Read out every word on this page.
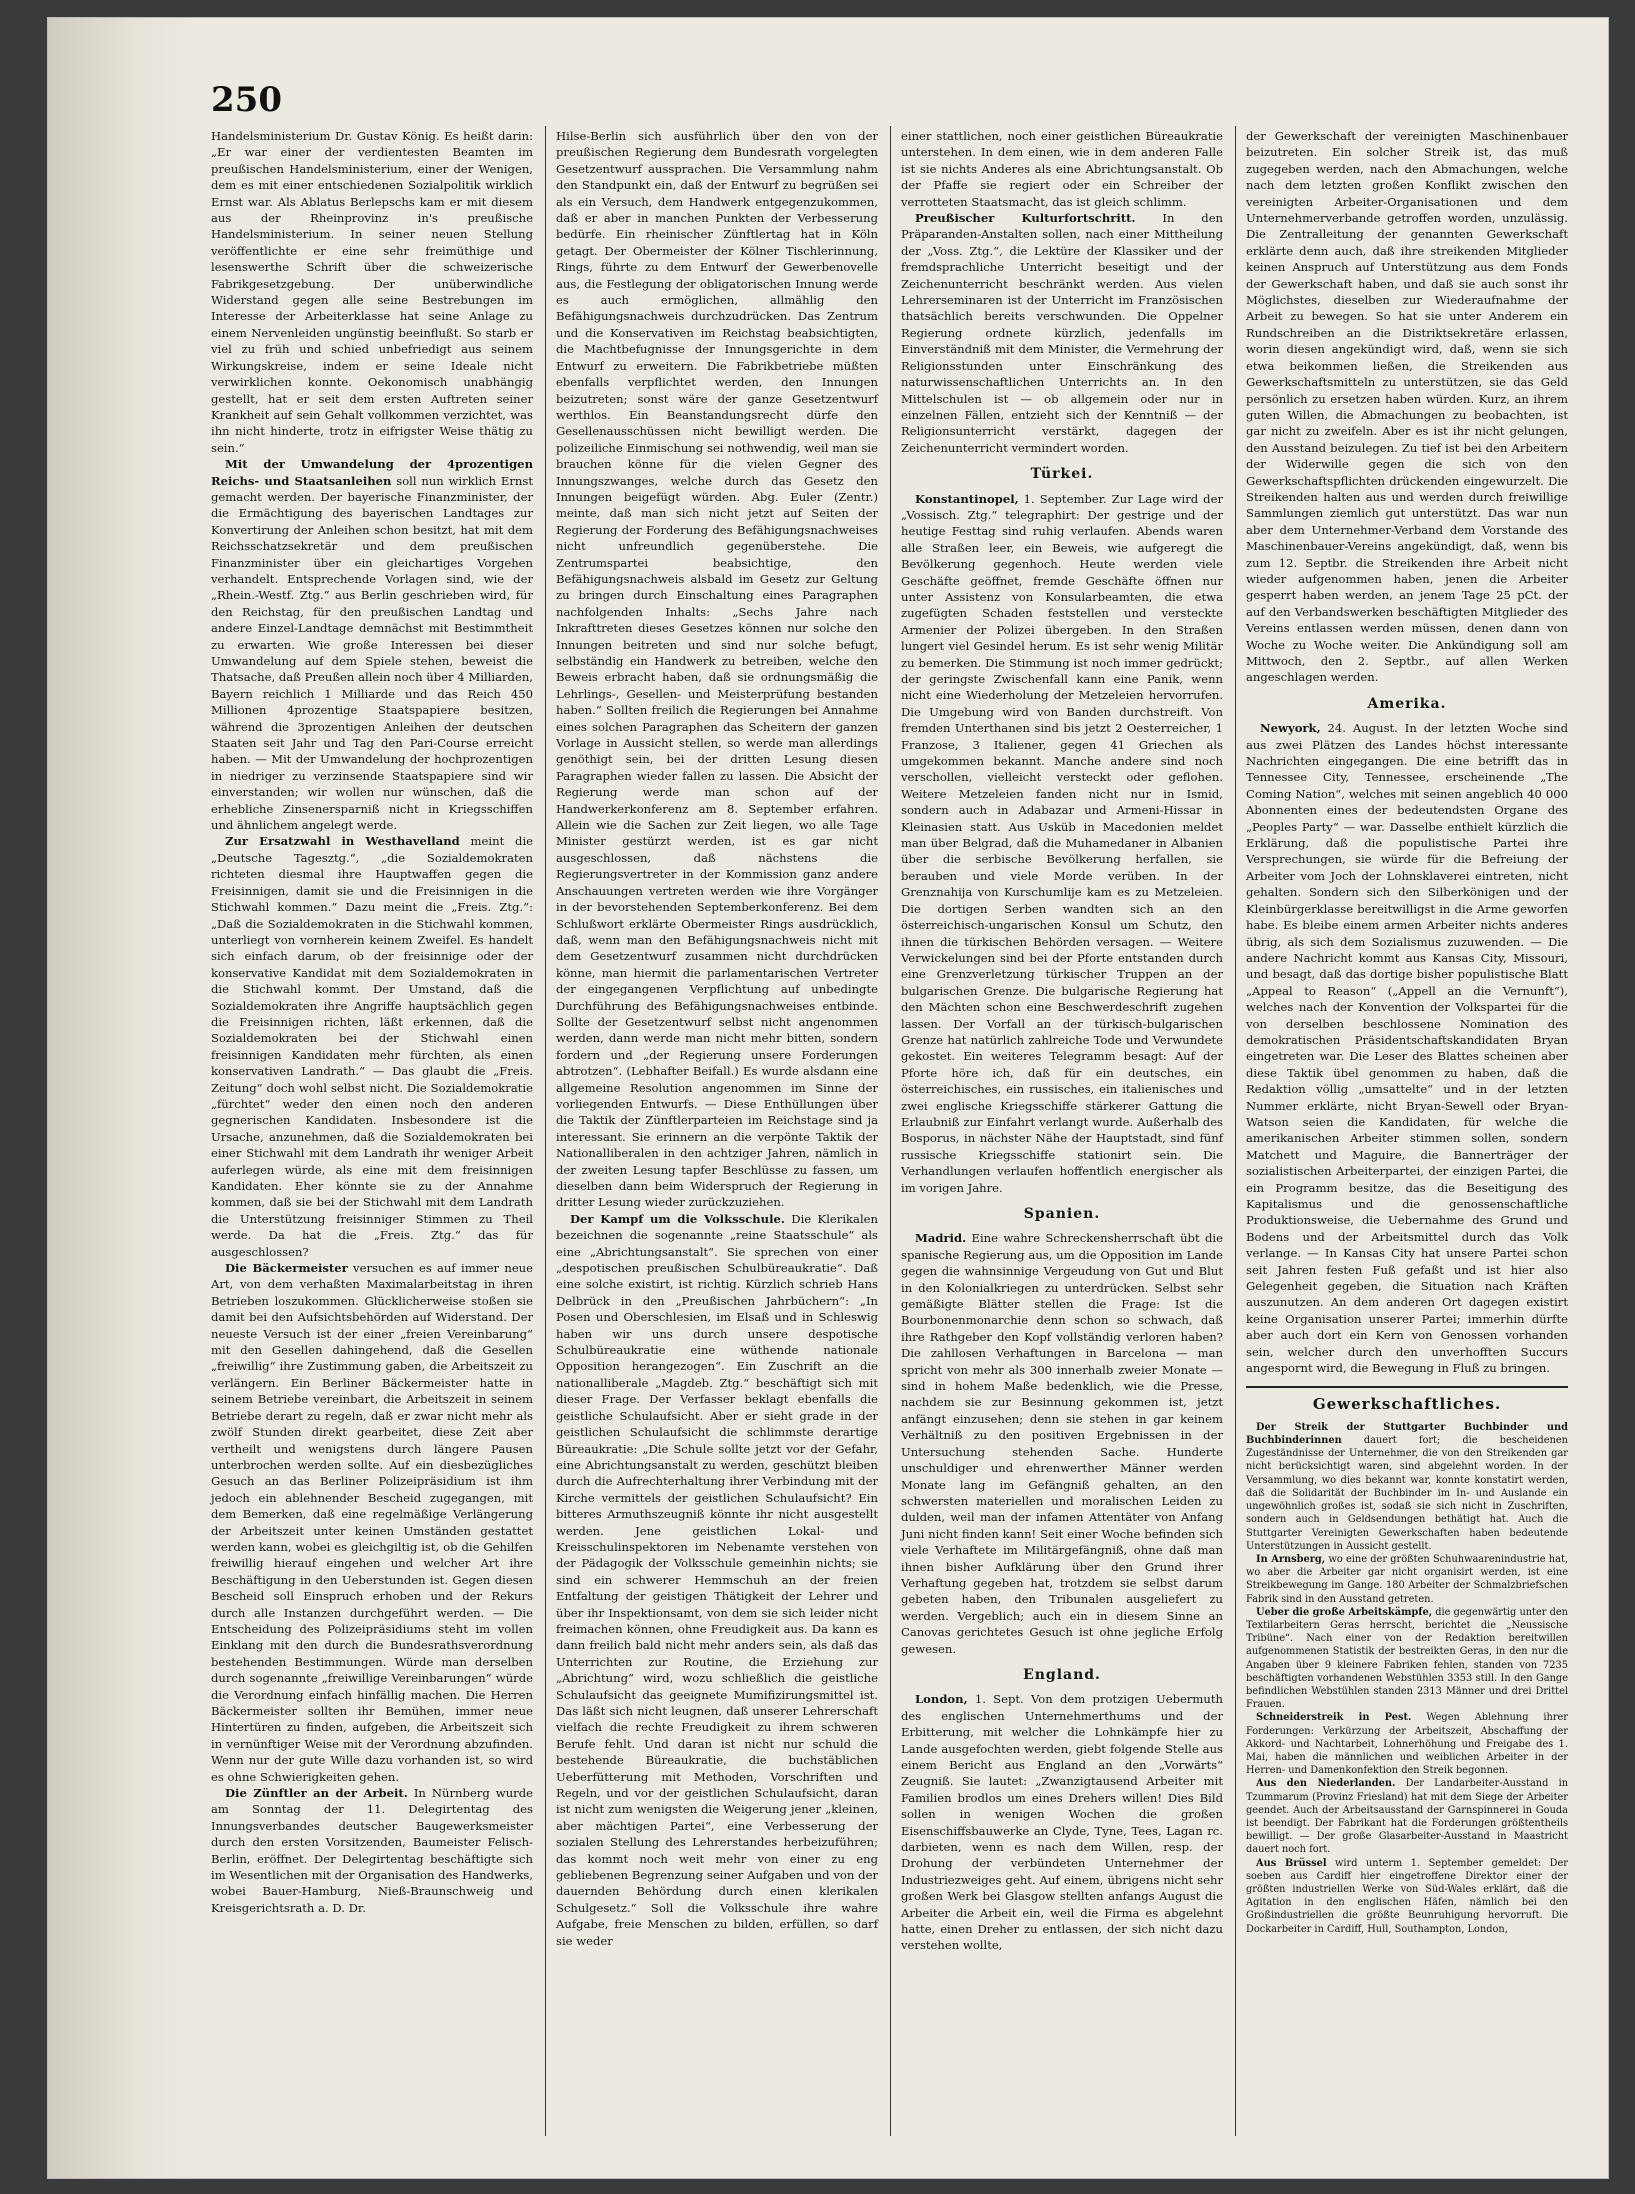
250

Handelsministerium Dr. Gustav König. Es heißt darin: „Er war einer der verdientesten Beamten im preußischen Handelsministerium, einer der Wenigen, dem es mit einer entschiedenen Sozialpolitik wirklich Ernst war. Als Ablatus Berlepschs kam er mit diesem aus der Rheinprovinz in's preußische Handelsministerium. In seiner neuen Stellung veröffentlichte er eine sehr freimüthige und lesenswerthe Schrift über die schweizerische Fabrikgesetzgebung. Der unüberwindliche Widerstand gegen alle seine Bestrebungen im Interesse der Arbeiterklasse hat seine Anlage zu einem Nervenleiden ungünstig beeinflußt. So starb er viel zu früh und schied unbefriedigt aus seinem Wirkungskreise, indem er seine Ideale nicht verwirklichen konnte. Oekonomisch unabhängig gestellt, hat er seit dem ersten Auftreten seiner Krankheit auf sein Gehalt vollkommen verzichtet, was ihn nicht hinderte, trotz in eifrigster Weise thätig zu sein.“

Mit der Umwandelung der 4prozentigen Reichs- und Staatsanleihen soll nun wirklich Ernst gemacht werden. Der bayerische Finanzminister, der die Ermächtigung des bayerischen Landtages zur Konvertirung der Anleihen schon besitzt, hat mit dem Reichsschatzsekretär und dem preußischen Finanzminister über ein gleichartiges Vorgehen verhandelt. Entsprechende Vorlagen sind, wie der „Rhein.-Westf. Ztg.“ aus Berlin geschrieben wird, für den Reichstag, für den preußischen Landtag und andere Einzel-Landtage demnächst mit Bestimmtheit zu erwarten. Wie große Interessen bei dieser Umwandelung auf dem Spiele stehen, beweist die Thatsache, daß Preußen allein noch über 4 Milliarden, Bayern reichlich 1 Milliarde und das Reich 450 Millionen 4prozentige Staatspapiere besitzen, während die 3prozentigen Anleihen der deutschen Staaten seit Jahr und Tag den Pari-Course erreicht haben. — Mit der Umwandelung der hochprozentigen in niedriger zu verzinsende Staatspapiere sind wir einverstanden; wir wollen nur wünschen, daß die erhebliche Zinsenersparniß nicht in Kriegsschiffen und ähnlichem angelegt werde.

Zur Ersatzwahl in Westhavelland meint die „Deutsche Tagesztg.“, „die Sozialdemokraten richteten diesmal ihre Hauptwaffen gegen die Freisinnigen, damit sie und die Freisinnigen in die Stichwahl kommen.“ Dazu meint die „Freis. Ztg.“: „Daß die Sozialdemokraten in die Stichwahl kommen, unterliegt von vornherein keinem Zweifel. Es handelt sich einfach darum, ob der freisinnige oder der konservative Kandidat mit dem Sozialdemokraten in die Stichwahl kommt. Der Umstand, daß die Sozialdemokraten ihre Angriffe hauptsächlich gegen die Freisinnigen richten, läßt erkennen, daß die Sozialdemokraten bei der Stichwahl einen freisinnigen Kandidaten mehr fürchten, als einen konservativen Landrath.“ — Das glaubt die „Freis. Zeitung“ doch wohl selbst nicht. Die Sozialdemokratie „fürchtet“ weder den einen noch den anderen gegnerischen Kandidaten. Insbesondere ist die Ursache, anzunehmen, daß die Sozialdemokraten bei einer Stichwahl mit dem Landrath ihr weniger Arbeit auferlegen würde, als eine mit dem freisinnigen Kandidaten. Eher könnte sie zu der Annahme kommen, daß sie bei der Stichwahl mit dem Landrath die Unterstützung freisinniger Stimmen zu Theil werde. Da hat die „Freis. Ztg.“ das für ausgeschlossen?

Die Bäckermeister versuchen es auf immer neue Art, von dem verhaßten Maximalarbeitstag in ihren Betrieben loszukommen. Glücklicherweise stoßen sie damit bei den Aufsichtsbehörden auf Widerstand. Der neueste Versuch ist der einer „freien Vereinbarung“ mit den Gesellen dahingehend, daß die Gesellen „freiwillig“ ihre Zustimmung gaben, die Arbeitszeit zu verlängern. Ein Berliner Bäckermeister hatte in seinem Betriebe vereinbart, die Arbeitszeit in seinem Betriebe derart zu regeln, daß er zwar nicht mehr als zwölf Stunden direkt gearbeitet, diese Zeit aber vertheilt und wenigstens durch längere Pausen unterbrochen werden sollte. Auf ein diesbezügliches Gesuch an das Berliner Polizeipräsidium ist ihm jedoch ein ablehnender Bescheid zugegangen, mit dem Bemerken, daß eine regelmäßige Verlängerung der Arbeitszeit unter keinen Umständen gestattet werden kann, wobei es gleichgiltig ist, ob die Gehilfen freiwillig hierauf eingehen und welcher Art ihre Beschäftigung in den Ueberstunden ist. Gegen diesen Bescheid soll Einspruch erhoben und der Rekurs durch alle Instanzen durchgeführt werden. — Die Entscheidung des Polizeipräsidiums steht im vollen Einklang mit den durch die Bundesrathsverordnung bestehenden Bestimmungen. Würde man derselben durch sogenannte „freiwillige Vereinbarungen“ würde die Verordnung einfach hinfällig machen. Die Herren Bäckermeister sollten ihr Bemühen, immer neue Hintertüren zu finden, aufgeben, die Arbeitszeit sich in vernünftiger Weise mit der Verordnung abzufinden. Wenn nur der gute Wille dazu vorhanden ist, so wird es ohne Schwierigkeiten gehen.

Die Zünftler an der Arbeit. In Nürnberg wurde am Sonntag der 11. Delegirtentag des Innungsverbandes deutscher Baugewerksmeister durch den ersten Vorsitzenden, Baumeister Felisch-Berlin, eröffnet. Der Delegirtentag beschäftigte sich im Wesentlichen mit der Organisation des Handwerks, wobei Bauer-Hamburg, Nieß-Braunschweig und Kreisgerichtsrath a. D. Dr.

Hilse-Berlin sich ausführlich über den von der preußischen Regierung dem Bundesrath vorgelegten Gesetzentwurf aussprachen. Die Versammlung nahm den Standpunkt ein, daß der Entwurf zu begrüßen sei als ein Versuch, dem Handwerk entgegenzukommen, daß er aber in manchen Punkten der Verbesserung bedürfe. Ein rheinischer Zünftlertag hat in Köln getagt. Der Obermeister der Kölner Tischlerinnung, Rings, führte zu dem Entwurf der Gewerbenovelle aus, die Festlegung der obligatorischen Innung werde es auch ermöglichen, allmählig den Befähigungsnachweis durchzudrücken. Das Zentrum und die Konservativen im Reichstag beabsichtigten, die Machtbefugnisse der Innungsgerichte in dem Entwurf zu erweitern. Die Fabrikbetriebe müßten ebenfalls verpflichtet werden, den Innungen beizutreten; sonst wäre der ganze Gesetzentwurf werthlos. Ein Beanstandungsrecht dürfe den Gesellenausschüssen nicht bewilligt werden. Die polizeiliche Einmischung sei nothwendig, weil man sie brauchen könne für die vielen Gegner des Innungszwanges, welche durch das Gesetz den Innungen beigefügt würden. Abg. Euler (Zentr.) meinte, daß man sich nicht jetzt auf Seiten der Regierung der Forderung des Befähigungsnachweises nicht unfreundlich gegenüberstehe. Die Zentrumspartei beabsichtige, den Befähigungsnachweis alsbald im Gesetz zur Geltung zu bringen durch Einschaltung eines Paragraphen nachfolgenden Inhalts: „Sechs Jahre nach Inkrafttreten dieses Gesetzes können nur solche den Innungen beitreten und sind nur solche befugt, selbständig ein Handwerk zu betreiben, welche den Beweis erbracht haben, daß sie ordnungsmäßig die Lehrlings-, Gesellen- und Meisterprüfung bestanden haben.“ Sollten freilich die Regierungen bei Annahme eines solchen Paragraphen das Scheitern der ganzen Vorlage in Aussicht stellen, so werde man allerdings genöthigt sein, bei der dritten Lesung diesen Paragraphen wieder fallen zu lassen. Die Absicht der Regierung werde man schon auf der Handwerkerkonferenz am 8. September erfahren. Allein wie die Sachen zur Zeit liegen, wo alle Tage Minister gestürzt werden, ist es gar nicht ausgeschlossen, daß nächstens die Regierungsvertreter in der Kommission ganz andere Anschauungen vertreten werden wie ihre Vorgänger in der bevorstehenden Septemberkonferenz. Bei dem Schlußwort erklärte Obermeister Rings ausdrücklich, daß, wenn man den Befähigungsnachweis nicht mit dem Gesetzentwurf zusammen nicht durchdrücken könne, man hiermit die parlamentarischen Vertreter der eingegangenen Verpflichtung auf unbedingte Durchführung des Befähigungsnachweises entbinde. Sollte der Gesetzentwurf selbst nicht angenommen werden, dann werde man nicht mehr bitten, sondern fordern und „der Regierung unsere Forderungen abtrotzen“. (Lebhafter Beifall.) Es wurde alsdann eine allgemeine Resolution angenommen im Sinne der vorliegenden Entwurfs. — Diese Enthüllungen über die Taktik der Zünftlerparteien im Reichstage sind ja interessant. Sie erinnern an die verpönte Taktik der Nationalliberalen in den achtziger Jahren, nämlich in der zweiten Lesung tapfer Beschlüsse zu fassen, um dieselben dann beim Widerspruch der Regierung in dritter Lesung wieder zurückzuziehen.

Der Kampf um die Volksschule. Die Klerikalen bezeichnen die sogenannte „reine Staatsschule“ als eine „Abrichtungsanstalt“. Sie sprechen von einer „despotischen preußischen Schulbüreaukratie“. Daß eine solche existirt, ist richtig. Kürzlich schrieb Hans Delbrück in den „Preußischen Jahrbüchern“: „In Posen und Oberschlesien, im Elsaß und in Schleswig haben wir uns durch unsere despotische Schulbüreaukratie eine wüthende nationale Opposition herangezogen“. Ein Zuschrift an die nationalliberale „Magdeb. Ztg.“ beschäftigt sich mit dieser Frage. Der Verfasser beklagt ebenfalls die geistliche Schulaufsicht. Aber er sieht grade in der geistlichen Schulaufsicht die schlimmste derartige Büreaukratie: „Die Schule sollte jetzt vor der Gefahr, eine Abrichtungsanstalt zu werden, geschützt bleiben durch die Aufrechterhaltung ihrer Verbindung mit der Kirche vermittels der geistlichen Schulaufsicht? Ein bitteres Armuthszeugniß könnte ihr nicht ausgestellt werden. Jene geistlichen Lokal- und Kreisschulinspektoren im Nebenamte verstehen von der Pädagogik der Volksschule gemeinhin nichts; sie sind ein schwerer Hemmschuh an der freien Entfaltung der geistigen Thätigkeit der Lehrer und über ihr Inspektionsamt, von dem sie sich leider nicht freimachen können, ohne Freudigkeit aus. Da kann es dann freilich bald nicht mehr anders sein, als daß das Unterrichten zur Routine, die Erziehung zur „Abrichtung“ wird, wozu schließlich die geistliche Schulaufsicht das geeignete Mumifizirungsmittel ist. Das läßt sich nicht leugnen, daß unserer Lehrerschaft vielfach die rechte Freudigkeit zu ihrem schweren Berufe fehlt. Und daran ist nicht nur schuld die bestehende Büreaukratie, die buchstäblichen Ueberfütterung mit Methoden, Vorschriften und Regeln, und vor der geistlichen Schulaufsicht, daran ist nicht zum wenigsten die Weigerung jener „kleinen, aber mächtigen Partei“, eine Verbesserung der sozialen Stellung des Lehrerstandes herbeizuführen; das kommt noch weit mehr von einer zu eng gebliebenen Begrenzung seiner Aufgaben und von der dauernden Behördung durch einen klerikalen Schulgesetz.“ Soll die Volksschule ihre wahre Aufgabe, freie Menschen zu bilden, erfüllen, so darf sie weder

einer stattlichen, noch einer geistlichen Büreaukratie unterstehen. In dem einen, wie in dem anderen Falle ist sie nichts Anderes als eine Abrichtungsanstalt. Ob der Pfaffe sie regiert oder ein Schreiber der verrotteten Staatsmacht, das ist gleich schlimm.

Preußischer Kulturfortschritt. In den Präparanden-Anstalten sollen, nach einer Mittheilung der „Voss. Ztg.“, die Lektüre der Klassiker und der fremdsprachliche Unterricht beseitigt und der Zeichenunterricht beschränkt werden. Aus vielen Lehrerseminaren ist der Unterricht im Französischen thatsächlich bereits verschwunden. Die Oppelner Regierung ordnete kürzlich, jedenfalls im Einverständniß mit dem Minister, die Vermehrung der Religionsstunden unter Einschränkung des naturwissenschaftlichen Unterrichts an. In den Mittelschulen ist — ob allgemein oder nur in einzelnen Fällen, entzieht sich der Kenntniß — der Religionsunterricht verstärkt, dagegen der Zeichenunterricht vermindert worden.

Türkei.

Konstantinopel, 1. September. Zur Lage wird der „Vossisch. Ztg.“ telegraphirt: Der gestrige und der heutige Festtag sind ruhig verlaufen. Abends waren alle Straßen leer, ein Beweis, wie aufgeregt die Bevölkerung gegenhoch. Heute werden viele Geschäfte geöffnet, fremde Geschäfte öffnen nur unter Assistenz von Konsularbeamten, die etwa zugefügten Schaden feststellen und versteckte Armenier der Polizei übergeben. In den Straßen lungert viel Gesindel herum. Es ist sehr wenig Militär zu bemerken. Die Stimmung ist noch immer gedrückt; der geringste Zwischenfall kann eine Panik, wenn nicht eine Wiederholung der Metzeleien hervorrufen. Die Umgebung wird von Banden durchstreift. Von fremden Unterthanen sind bis jetzt 2 Oesterreicher, 1 Franzose, 3 Italiener, gegen 41 Griechen als umgekommen bekannt. Manche andere sind noch verschollen, vielleicht versteckt oder geflohen. Weitere Metzeleien fanden nicht nur in Ismid, sondern auch in Adabazar und Armeni-Hissar in Kleinasien statt. Aus Usküb in Macedonien meldet man über Belgrad, daß die Muhamedaner in Albanien über die serbische Bevölkerung herfallen, sie berauben und viele Morde verüben. In der Grenznahija von Kurschumlije kam es zu Metzeleien. Die dortigen Serben wandten sich an den österreichisch-ungarischen Konsul um Schutz, den ihnen die türkischen Behörden versagen. — Weitere Verwickelungen sind bei der Pforte entstanden durch eine Grenzverletzung türkischer Truppen an der bulgarischen Grenze. Die bulgarische Regierung hat den Mächten schon eine Beschwerdeschrift zugehen lassen. Der Vorfall an der türkisch-bulgarischen Grenze hat natürlich zahlreiche Tode und Verwundete gekostet. Ein weiteres Telegramm besagt: Auf der Pforte höre ich, daß für ein deutsches, ein österreichisches, ein russisches, ein italienisches und zwei englische Kriegsschiffe stärkerer Gattung die Erlaubniß zur Einfahrt verlangt wurde. Außerhalb des Bosporus, in nächster Nähe der Hauptstadt, sind fünf russische Kriegsschiffe stationirt sein. Die Verhandlungen verlaufen hoffentlich energischer als im vorigen Jahre.

Spanien.

Madrid. Eine wahre Schreckensherrschaft übt die spanische Regierung aus, um die Opposition im Lande gegen die wahnsinnige Vergeudung von Gut und Blut in den Kolonialkriegen zu unterdrücken. Selbst sehr gemäßigte Blätter stellen die Frage: Ist die Bourbonenmonarchie denn schon so schwach, daß ihre Rathgeber den Kopf vollständig verloren haben? Die zahllosen Verhaftungen in Barcelona — man spricht von mehr als 300 innerhalb zweier Monate — sind in hohem Maße bedenklich, wie die Presse, nachdem sie zur Besinnung gekommen ist, jetzt anfängt einzusehen; denn sie stehen in gar keinem Verhältniß zu den positiven Ergebnissen in der Untersuchung stehenden Sache. Hunderte unschuldiger und ehrenwerther Männer werden Monate lang im Gefängniß gehalten, an den schwersten materiellen und moralischen Leiden zu dulden, weil man der infamen Attentäter von Anfang Juni nicht finden kann! Seit einer Woche befinden sich viele Verhaftete im Militärgefängniß, ohne daß man ihnen bisher Aufklärung über den Grund ihrer Verhaftung gegeben hat, trotzdem sie selbst darum gebeten haben, den Tribunalen ausgeliefert zu werden. Vergeblich; auch ein in diesem Sinne an Canovas gerichtetes Gesuch ist ohne jegliche Erfolg gewesen.

England.

London, 1. Sept. Von dem protzigen Uebermuth des englischen Unternehmerthums und der Erbitterung, mit welcher die Lohnkämpfe hier zu Lande ausgefochten werden, giebt folgende Stelle aus einem Bericht aus England an den „Vorwärts“ Zeugniß. Sie lautet: „Zwanzigtausend Arbeiter mit Familien brodlos um eines Drehers willen! Dies Bild sollen in wenigen Wochen die großen Eisenschiffsbauwerke an Clyde, Tyne, Tees, Lagan rc. darbieten, wenn es nach dem Willen, resp. der Drohung der verbündeten Unternehmer der Industriezweiges geht. Auf einem, übrigens nicht sehr großen Werk bei Glasgow stellten anfangs August die Arbeiter die Arbeit ein, weil die Firma es abgelehnt hatte, einen Dreher zu entlassen, der sich nicht dazu verstehen wollte,

der Gewerkschaft der vereinigten Maschinenbauer beizutreten. Ein solcher Streik ist, das muß zugegeben werden, nach den Abmachungen, welche nach dem letzten großen Konflikt zwischen den vereinigten Arbeiter-Organisationen und dem Unternehmerverbande getroffen worden, unzulässig. Die Zentralleitung der genannten Gewerkschaft erklärte denn auch, daß ihre streikenden Mitglieder keinen Anspruch auf Unterstützung aus dem Fonds der Gewerkschaft haben, und daß sie auch sonst ihr Möglichstes, dieselben zur Wiederaufnahme der Arbeit zu bewegen. So hat sie unter Anderem ein Rundschreiben an die Distriktsekretäre erlassen, worin diesen angekündigt wird, daß, wenn sie sich etwa beikommen ließen, die Streikenden aus Gewerkschaftsmitteln zu unterstützen, sie das Geld persönlich zu ersetzen haben würden. Kurz, an ihrem guten Willen, die Abmachungen zu beobachten, ist gar nicht zu zweifeln. Aber es ist ihr nicht gelungen, den Ausstand beizulegen. Zu tief ist bei den Arbeitern der Widerwille gegen die sich von den Gewerkschaftspflichten drückenden eingewurzelt. Die Streikenden halten aus und werden durch freiwillige Sammlungen ziemlich gut unterstützt. Das war nun aber dem Unternehmer-Verband dem Vorstande des Maschinenbauer-Vereins angekündigt, daß, wenn bis zum 12. Septbr. die Streikenden ihre Arbeit nicht wieder aufgenommen haben, jenen die Arbeiter gesperrt haben werden, an jenem Tage 25 pCt. der auf den Verbandswerken beschäftigten Mitglieder des Vereins entlassen werden müssen, denen dann von Woche zu Woche weiter. Die Ankündigung soll am Mittwoch, den 2. Septbr., auf allen Werken angeschlagen werden.

Amerika.

Newyork, 24. August. In der letzten Woche sind aus zwei Plätzen des Landes höchst interessante Nachrichten eingegangen. Die eine betrifft das in Tennessee City, Tennessee, erscheinende „The Coming Nation“, welches mit seinen angeblich 40 000 Abonnenten eines der bedeutendsten Organe des „Peoples Party“ — war. Dasselbe enthielt kürzlich die Erklärung, daß die populistische Partei ihre Versprechungen, sie würde für die Befreiung der Arbeiter vom Joch der Lohnsklaverei eintreten, nicht gehalten. Sondern sich den Silberkönigen und der Kleinbürgerklasse bereitwilligst in die Arme geworfen habe. Es bleibe einem armen Arbeiter nichts anderes übrig, als sich dem Sozialismus zuzuwenden. — Die andere Nachricht kommt aus Kansas City, Missouri, und besagt, daß das dortige bisher populistische Blatt „Appeal to Reason“ („Appell an die Vernunft“), welches nach der Konvention der Volkspartei für die von derselben beschlossene Nomination des demokratischen Präsidentschaftskandidaten Bryan eingetreten war. Die Leser des Blattes scheinen aber diese Taktik übel genommen zu haben, daß die Redaktion völlig „umsattelte“ und in der letzten Nummer erklärte, nicht Bryan-Sewell oder Bryan-Watson seien die Kandidaten, für welche die amerikanischen Arbeiter stimmen sollen, sondern Matchett und Maguire, die Bannerträger der sozialistischen Arbeiterpartei, der einzigen Partei, die ein Programm besitze, das die Beseitigung des Kapitalismus und die genossenschaftliche Produktionsweise, die Uebernahme des Grund und Bodens und der Arbeitsmittel durch das Volk verlange. — In Kansas City hat unsere Partei schon seit Jahren festen Fuß gefaßt und ist hier also Gelegenheit gegeben, die Situation nach Kräften auszunutzen. An dem anderen Ort dagegen existirt keine Organisation unserer Partei; immerhin dürfte aber auch dort ein Kern von Genossen vorhanden sein, welcher durch den unverhofften Succurs angespornt wird, die Bewegung in Fluß zu bringen.

Gewerkschaftliches.

Der Streik der Stuttgarter Buchbinder und Buchbinderinnen dauert fort; die bescheidenen Zugeständnisse der Unternehmer, die von den Streikenden gar nicht berücksichtigt waren, sind abgelehnt worden. In der Versammlung, wo dies bekannt war, konnte konstatirt werden, daß die Solidarität der Buchbinder im In- und Auslande ein ungewöhnlich großes ist, sodaß sie sich nicht in Zuschriften, sondern auch in Geldsendungen bethätigt hat. Auch die Stuttgarter Vereinigten Gewerkschaften haben bedeutende Unterstützungen in Aussicht gestellt.

In Arnsberg, wo eine der größten Schuhwaarenindustrie hat, wo aber die Arbeiter gar nicht organisirt werden, ist eine Streikbewegung im Gange. 180 Arbeiter der Schmalzbriefschen Fabrik sind in den Ausstand getreten.

Ueber die große Arbeitskämpfe, die gegenwärtig unter den Textilarbeitern Geras herrscht, berichtet die „Neussische Tribüne“. Nach einer von der Redaktion bereitwillen aufgenommenen Statistik der bestreikten Geras, in den nur die Angaben über 9 kleinere Fabriken fehlen, standen von 7235 beschäftigten vorhandenen Webstühlen 3353 still. In den Gange befindlichen Webstühlen standen 2313 Männer und drei Drittel Frauen.

Schneiderstreik in Pest. Wegen Ablehnung ihrer Forderungen: Verkürzung der Arbeitszeit, Abschaffung der Akkord- und Nachtarbeit, Lohnerhöhung und Freigabe des 1. Mai, haben die männlichen und weiblichen Arbeiter in der Herren- und Damenkonfektion den Streik begonnen.

Aus den Niederlanden. Der Landarbeiter-Ausstand in Tzummarum (Provinz Friesland) hat mit dem Siege der Arbeiter geendet. Auch der Arbeitsausstand der Garnspinnerei in Gouda ist beendigt. Der Fabrikant hat die Forderungen größtentheils bewilligt. — Der große Glasarbeiter-Ausstand in Maastricht dauert noch fort.

Aus Brüssel wird unterm 1. September gemeldet: Der soeben aus Cardiff hier eingetroffene Direktor einer der größten industriellen Werke von Süd-Wales erklärt, daß die Agitation in den englischen Häfen, nämlich bei den Großindustriellen die größte Beunruhigung hervorruft. Die Dockarbeiter in Cardiff, Hull, Southampton, London,
